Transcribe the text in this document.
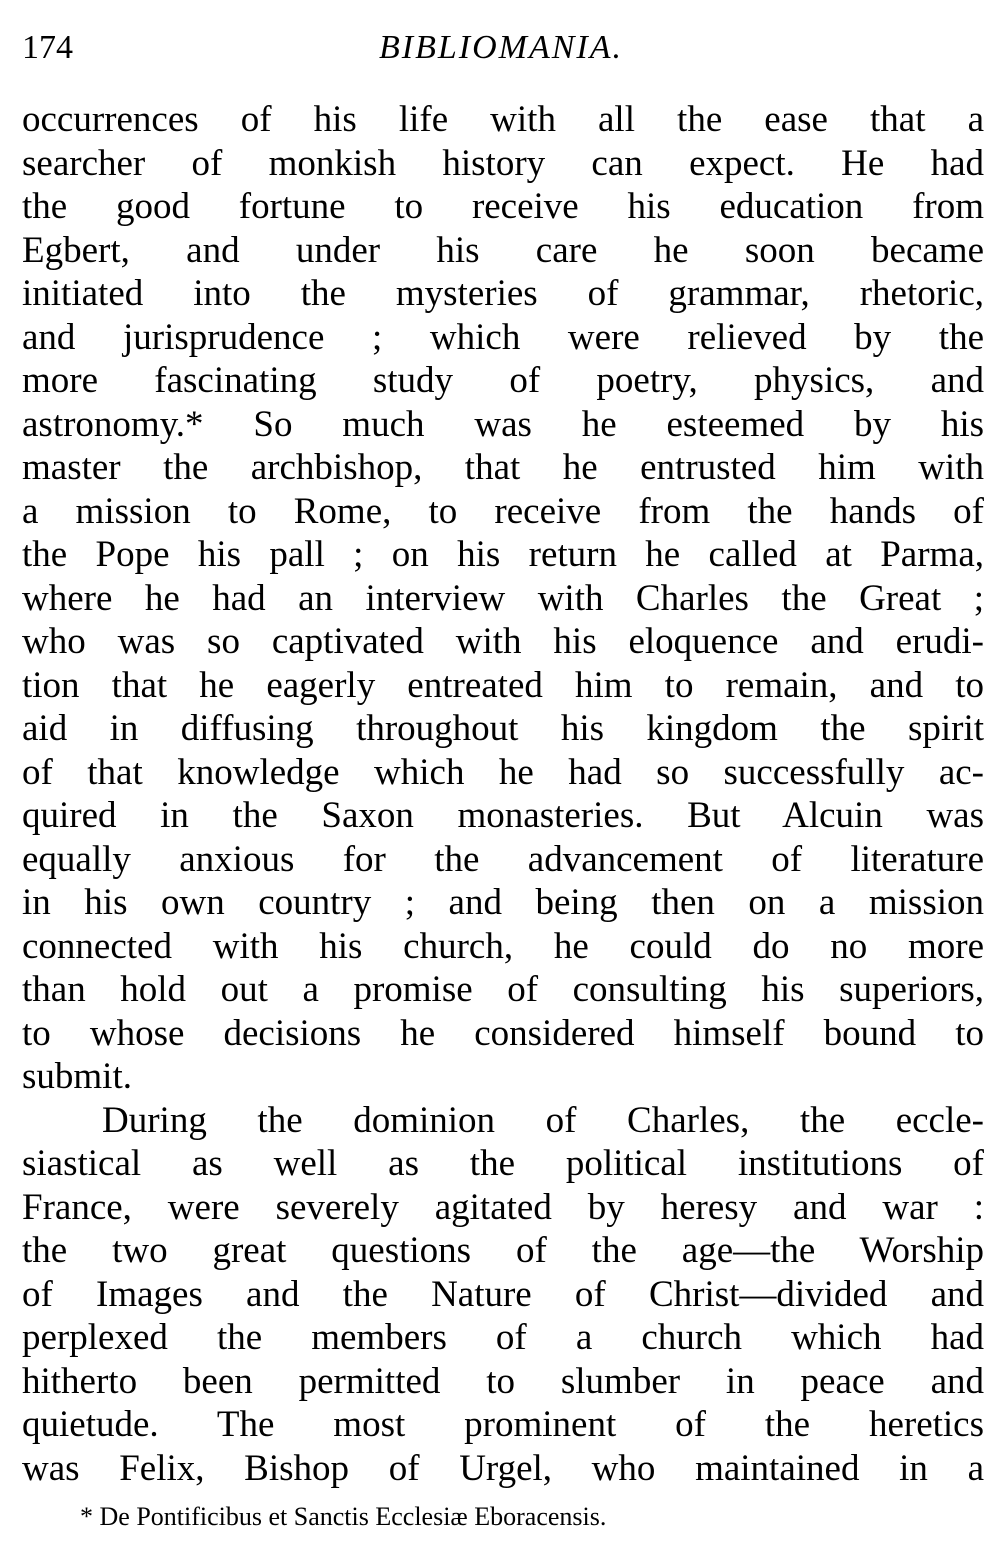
174	BIBLIOMANIA.
occurrences of his life with all the ease that a
searcher of monkish history can expect. He had
the good fortune to receive his education from
Egbert, and under his care he soon became
initiated into the mysteries of grammar, rhetoric,
and jurisprudence ; which were relieved by the
more fascinating study of poetry, physics, and
astronomy.* So much was he esteemed by his
master the archbishop, that he entrusted him with
a mission to Rome, to receive from the hands of
the Pope his pall ; on his return he called at Parma,
where he had an interview with Charles the Great ;
who was so captivated with his eloquence and erudi-
tion that he eagerly entreated him to remain, and to
aid in diffusing throughout his kingdom the spirit
of that knowledge which he had so successfully ac-
quired in the Saxon monasteries. But Alcuin was
equally anxious for the advancement of literature
in his own country ; and being then on a mission
connected with his church, he could do no more
than hold out a promise of consulting his superiors,
to whose decisions he considered himself bound to
submit.
During the dominion of Charles, the eccle-
siastical as well as the political institutions of
France, were severely agitated by heresy and war :
the two great questions of the age—the Worship
of Images and the Nature of Christ—divided and
perplexed the members of a church which had
hitherto been permitted to slumber in peace and
quietude. The most prominent of the heretics
was Felix, Bishop of Urgel, who maintained in a
* De Pontificibus et Sanctis Ecclesiæ Eboracensis.
